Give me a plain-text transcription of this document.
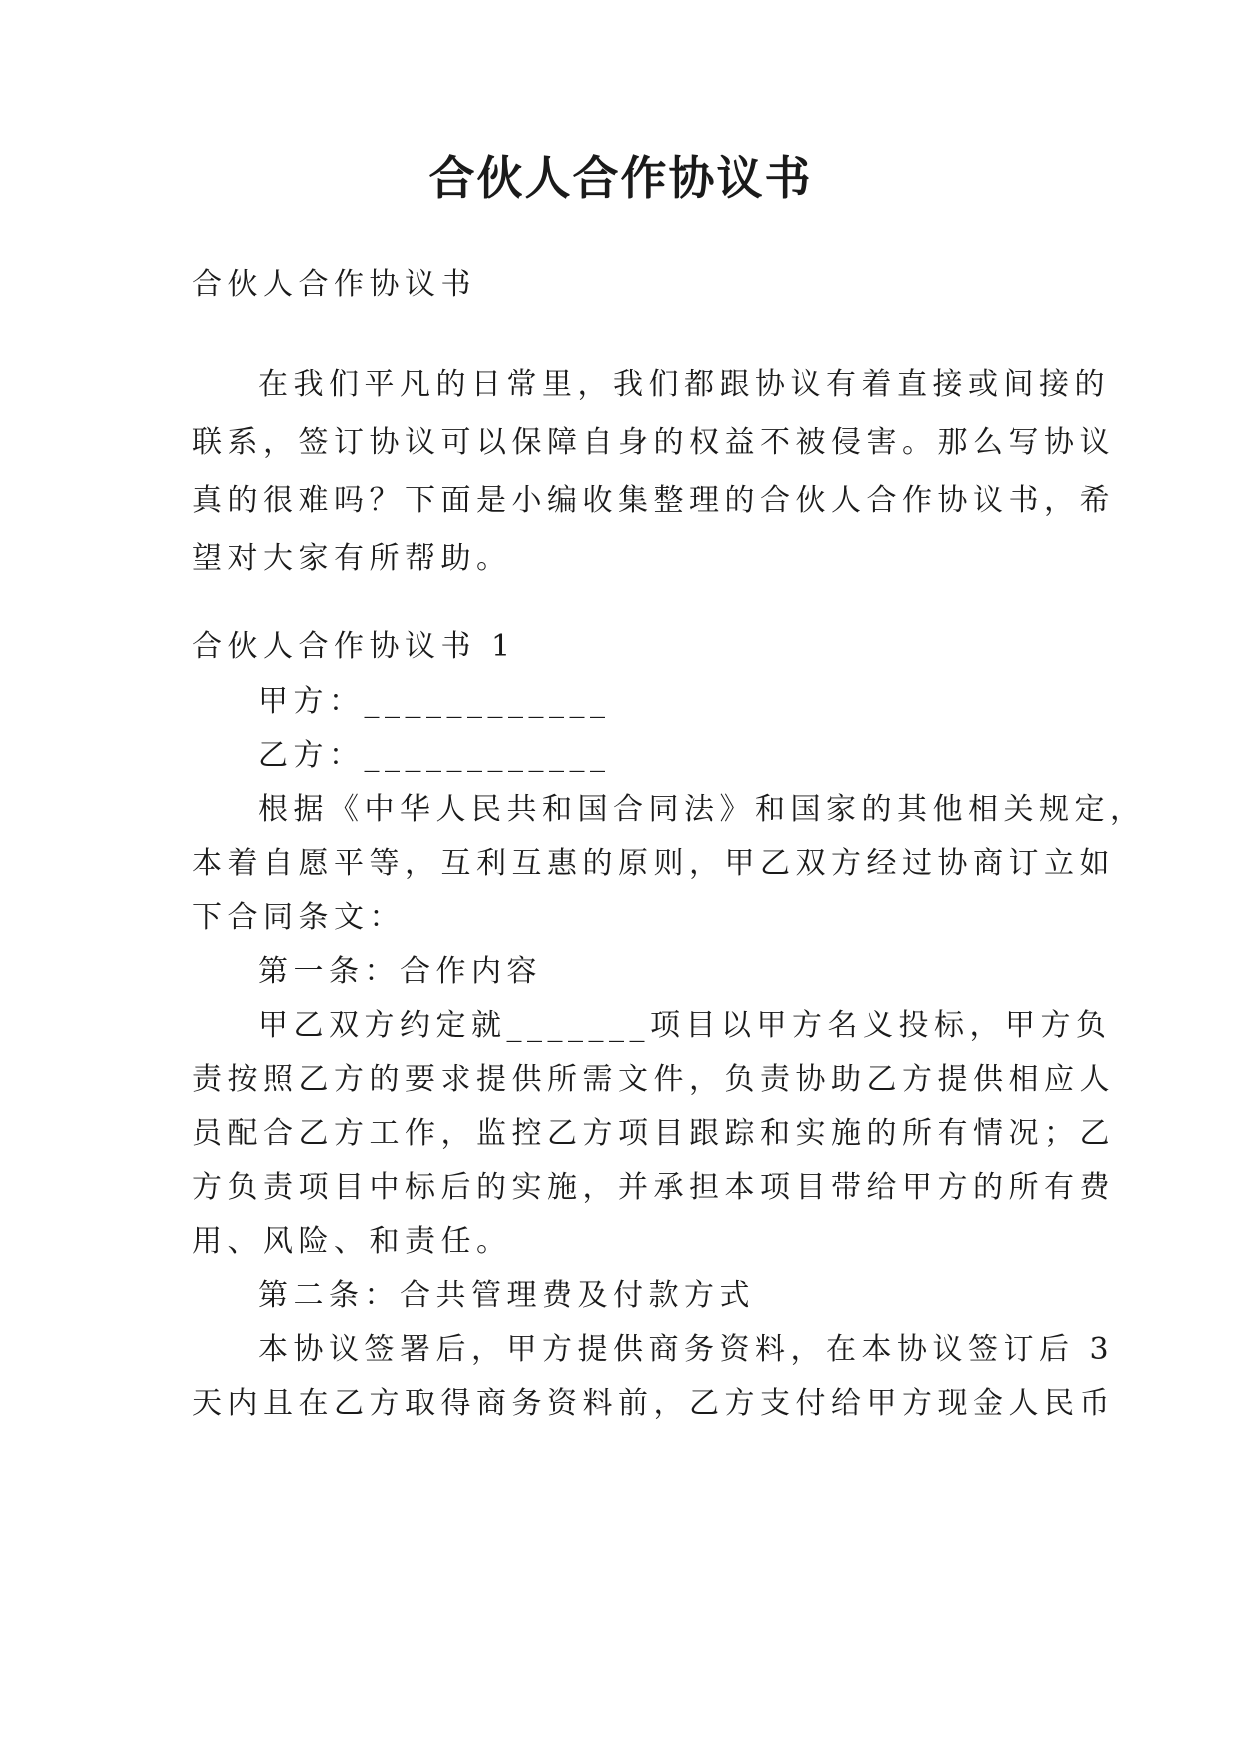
合伙人合作协议书

合伙人合作协议书

在我们平凡的日常里，我们都跟协议有着直接或间接的

联系，签订协议可以保障自身的权益不被侵害。那么写协议

真的很难吗？下面是小编收集整理的合伙人合作协议书，希

望对大家有所帮助。

合伙人合作协议书 1

甲方：____________

乙方：____________

根据《中华人民共和国合同法》和国家的其他相关规定，

本着自愿平等，互利互惠的原则，甲乙双方经过协商订立如

下合同条文：

第一条：合作内容

甲乙双方约定就_______项目以甲方名义投标，甲方负

责按照乙方的要求提供所需文件，负责协助乙方提供相应人

员配合乙方工作，监控乙方项目跟踪和实施的所有情况；乙

方负责项目中标后的实施，并承担本项目带给甲方的所有费

用、风险、和责任。

第二条：合共管理费及付款方式

本协议签署后，甲方提供商务资料，在本协议签订后 3

天内且在乙方取得商务资料前，乙方支付给甲方现金人民币
